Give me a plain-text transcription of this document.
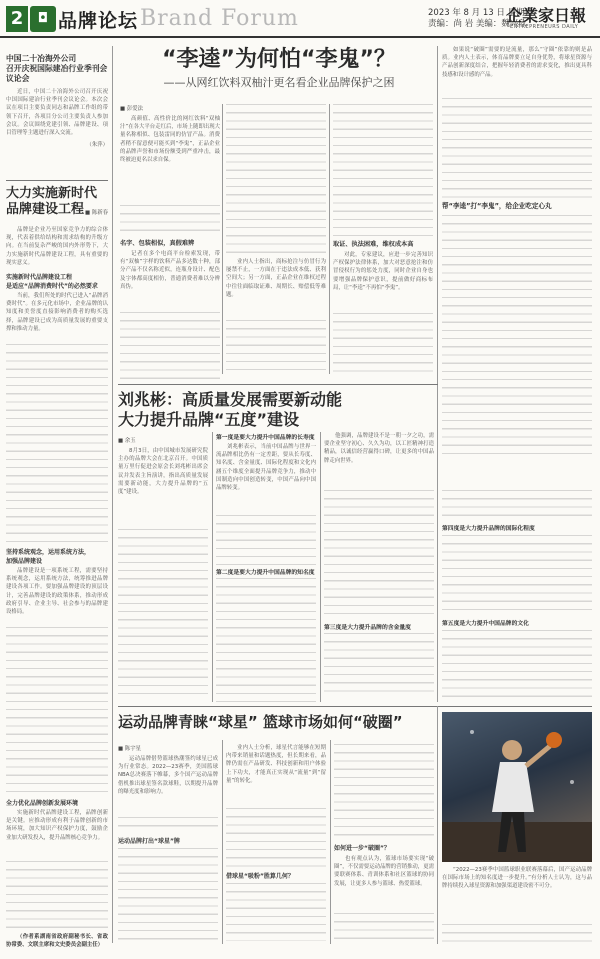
2	◘ 品牌论坛 Brand Forum	2023 年 8 月 13 日 星期日
责编：尚 岩 美编：魏兴欣
企業家日報
ENTREPRENEURS DAILY
中国二十冶海外公司
召开庆祝国际建冶行业季刊会议论会
近日，中国二十冶海外公司召开庆祝中国国际建冶行业季刊会议论会。本次会议在项目主要负责同志和品牌工作组的带领下召开，各项目分公司主要负责人参加会议。会议围绕党建引领、品牌建设、项目管理等主题进行深入交流。
（朱萍）
大力实施新时代
品牌建设工程 ■ 陈新春
品牌是企业乃至国家竞争力的综合体现，代表着供给结构和需求结构的升级方向。在当前复杂严峻的国内外形势下，大力实施新时代品牌建设工程，具有重要的现实意义。
实施新时代品牌建设工程
是适应“品牌消费时代”的必然要求
当前，我们所处的时代已进入“品牌消费时代”。在多元化市场中，企业品牌的认知度和美誉度直接影响消费者的购买选择，品牌建设已成为高质量发展的重要支撑和推动力量。
坚持系统观念，运用系统方法，
加强品牌建设
品牌建设是一项系统工程，需要坚持系统观念，运用系统方法，统筹推进品牌建设各项工作。要加强品牌建设的顶层设计，完善品牌建设的政策体系，推动形成政府引导、企业主导、社会参与的品牌建设格局。
全力优化品牌创新发展环境
实施新时代品牌建设工程，品牌创新是关键。应推动形成有利于品牌创新的市场环境，加大知识产权保护力度，鼓励企业加大研发投入，提升品牌核心竞争力。
（作者系湖南省政府副秘书长、省政协常委、文联主席和文史委员会副主任）
“李逵”为何怕“李鬼”？
——从网红饮料双柚汁更名看企业品牌保护之困
■ 彭爱法
高颜值、高性价比的网红饮料“双柚汁”在各大平台走红后，市场上随即出现大量名称相似、包装雷同的仿冒产品。消费者稍不留意便可能买到“李鬼”，正品企业的品牌声誉和市场份额受到严重冲击，最终被迫更名以求自保。
名字、包装相似，真假难辨
记者在多个电商平台检索发现，带有“双柚”字样的饮料产品多达数十种，部分产品不仅名称近似，连瓶身设计、配色及字体都高度相仿，普通消费者难以分辨真伪。
业内人士指出，商标抢注与仿冒行为屡禁不止，一方面在于违法成本低、获利空间大；另一方面，正品企业在维权过程中往往面临取证难、周期长、赔偿低等难题。
取证、执法困难，维权成本高
对此，专家建议，应进一步完善知识产权保护法律体系，加大对恶意抢注和仿冒侵权行为的惩处力度，同时企业自身也要增强品牌保护意识，提前做好商标布局，让“李逵”不再怕“李鬼”。
如果说“破圈”需要的是流量，那么“守圈”依靠的则是品质。业内人士表示，体育品牌要立足自身优势，将球星资源与产品创新深度结合，把握年轻消费者的需求变化，推出更具科技感和设计感的产品。
帮“李逵”打“李鬼”，给企业吃定心丸
刘兆彬：高质量发展需要新动能
大力提升品牌“五度”建设
■ 余玉
8月3日，由中国城市发展研究院主办的品牌大会在北京召开。中国质量万里行促进会原会长刘兆彬出席会议并发表主旨演讲，指出高质量发展需要新动能，大力提升品牌的“五度”建设。
第一度是要大力提升中国品牌的长寿度
刘兆彬表示，当前中国品牌与世界一流品牌相比仍有一定差距，要从长寿度、知名度、含金量度、国际化程度和文化内涵五个维度全面提升品牌竞争力，推动中国制造向中国创造转变，中国产品向中国品牌转变。
第二度是要大力提升中国品牌的知名度
他强调，品牌建设不是一朝一夕之功，需要企业坚守初心、久久为功，以工匠精神打造精品，以诚信经营赢得口碑，让更多的中国品牌走向世界。
第三度是大力提升品牌的含金量度
第四度是大力提升品牌的国际化程度
第五度是大力提升中国品牌的文化
运动品牌青睐“球星” 篮球市场如何“破圈”
■ 陈宇星
运动品牌借势篮球热潮签约球星已成为行业常态。2022—23赛季，美国篮球NBA总决赛落下帷幕，多个国产运动品牌借机推出球星签名款球鞋，以期提升品牌的曝光度和影响力。
运动品牌打出“球星”牌
业内人士分析，球星代言能够在短期内带来销量和话题热度，但长期来看，品牌仍需在产品研发、科技创新和用户体验上下功夫，才能真正实现从“流量”到“留量”的转化。
借球星“吸粉”胜算几何？
如何进一步“破圈”？
也有观点认为，篮球市场要实现“破圈”，不仅需要运动品牌的营销推动，更需要联赛体系、青训体系和社区篮球的协同发展，让更多人参与篮球、热爱篮球。
“2022—23赛季中国篮球职业联赛落幕后，国产运动品牌在国际市场上的知名度进一步提升。”有分析人士认为，这与品牌持续投入球星资源和加强渠道建设密不可分。
